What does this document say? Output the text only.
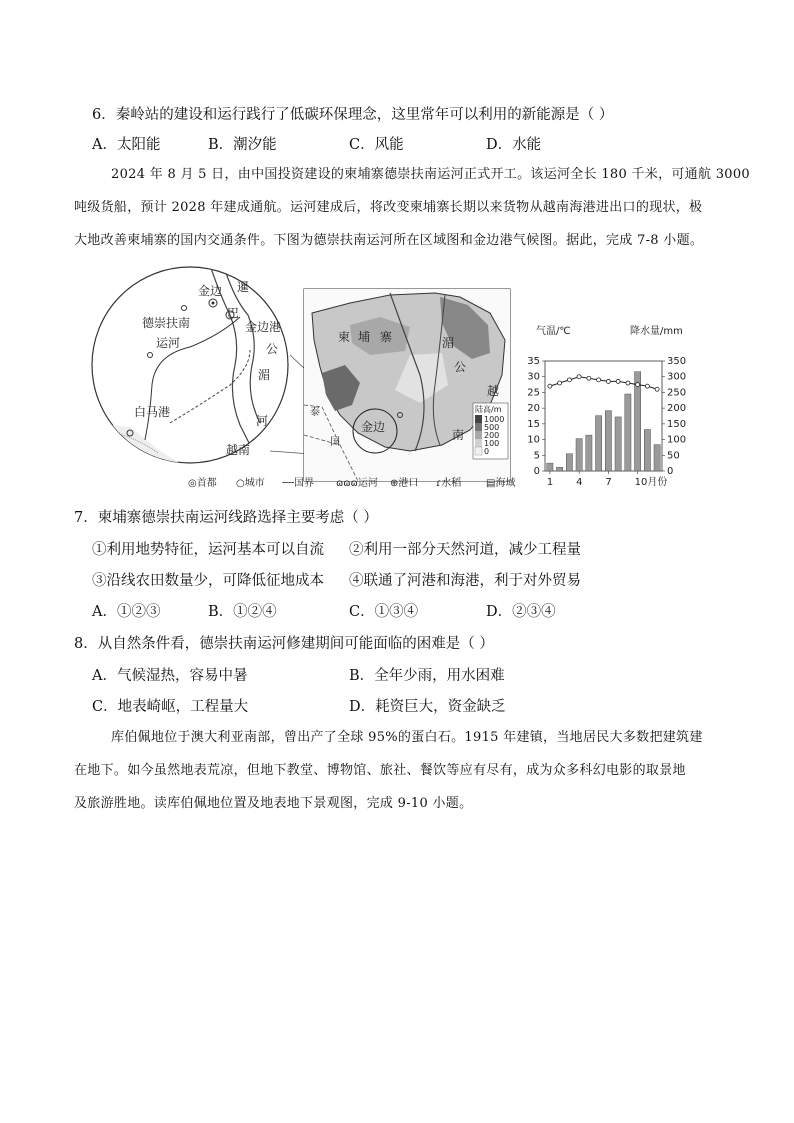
6．秦岭站的建设和运行践行了低碳环保理念，这里常年可以利用的新能源是（ ）
A．太阳能	B．潮汐能	C．风能	D．水能
2024 年 8 月 5 日，由中国投资建设的柬埔寨德崇扶南运河正式开工。该运河全长 180 千米，可通航 3000
吨级货船，预计 2028 年建成通航。运河建成后，将改变柬埔寨长期以来货物从越南海港进出口的现状，极
大地改善柬埔寨的国内交通条件。下图为德崇扶南运河所在区域图和金边港气候图。据此，完成 7-8 小题。
金边 暹
巴
德崇扶南	金边港
运河	公
白马港
河
越南
湄
柬 埔 寨	湄
公
越
南
金边
泰
国
陆高/m
1000
500
200
100
0
◎首都 ○城市 ╌╌国界 ɷɷɷ运河 ⊕港口 ɾ水稻 ▤海域
气温/℃	降水量/mm
0
5
10
15
20
25
30
35
0
50
100
150
200
250
300
350
1 4 7 10月份
7．柬埔寨德崇扶南运河线路选择主要考虑（ ）
①利用地势特征，运河基本可以自流 ②利用一部分天然河道，减少工程量
③沿线农田数量少，可降低征地成本 ④联通了河港和海港，利于对外贸易
A．①②③	B．①②④	C．①③④	D．②③④
8．从自然条件看，德崇扶南运河修建期间可能面临的困难是（ ）
A．气候湿热，容易中暑	B．全年少雨，用水困难
C．地表崎岖，工程量大	D．耗资巨大，资金缺乏
库伯佩地位于澳大利亚南部，曾出产了全球 95%的蛋白石。1915 年建镇，当地居民大多数把建筑建
在地下。如今虽然地表荒凉，但地下教堂、博物馆、旅社、餐饮等应有尽有，成为众多科幻电影的取景地
及旅游胜地。读库伯佩地位置及地表地下景观图，完成 9-10 小题。
